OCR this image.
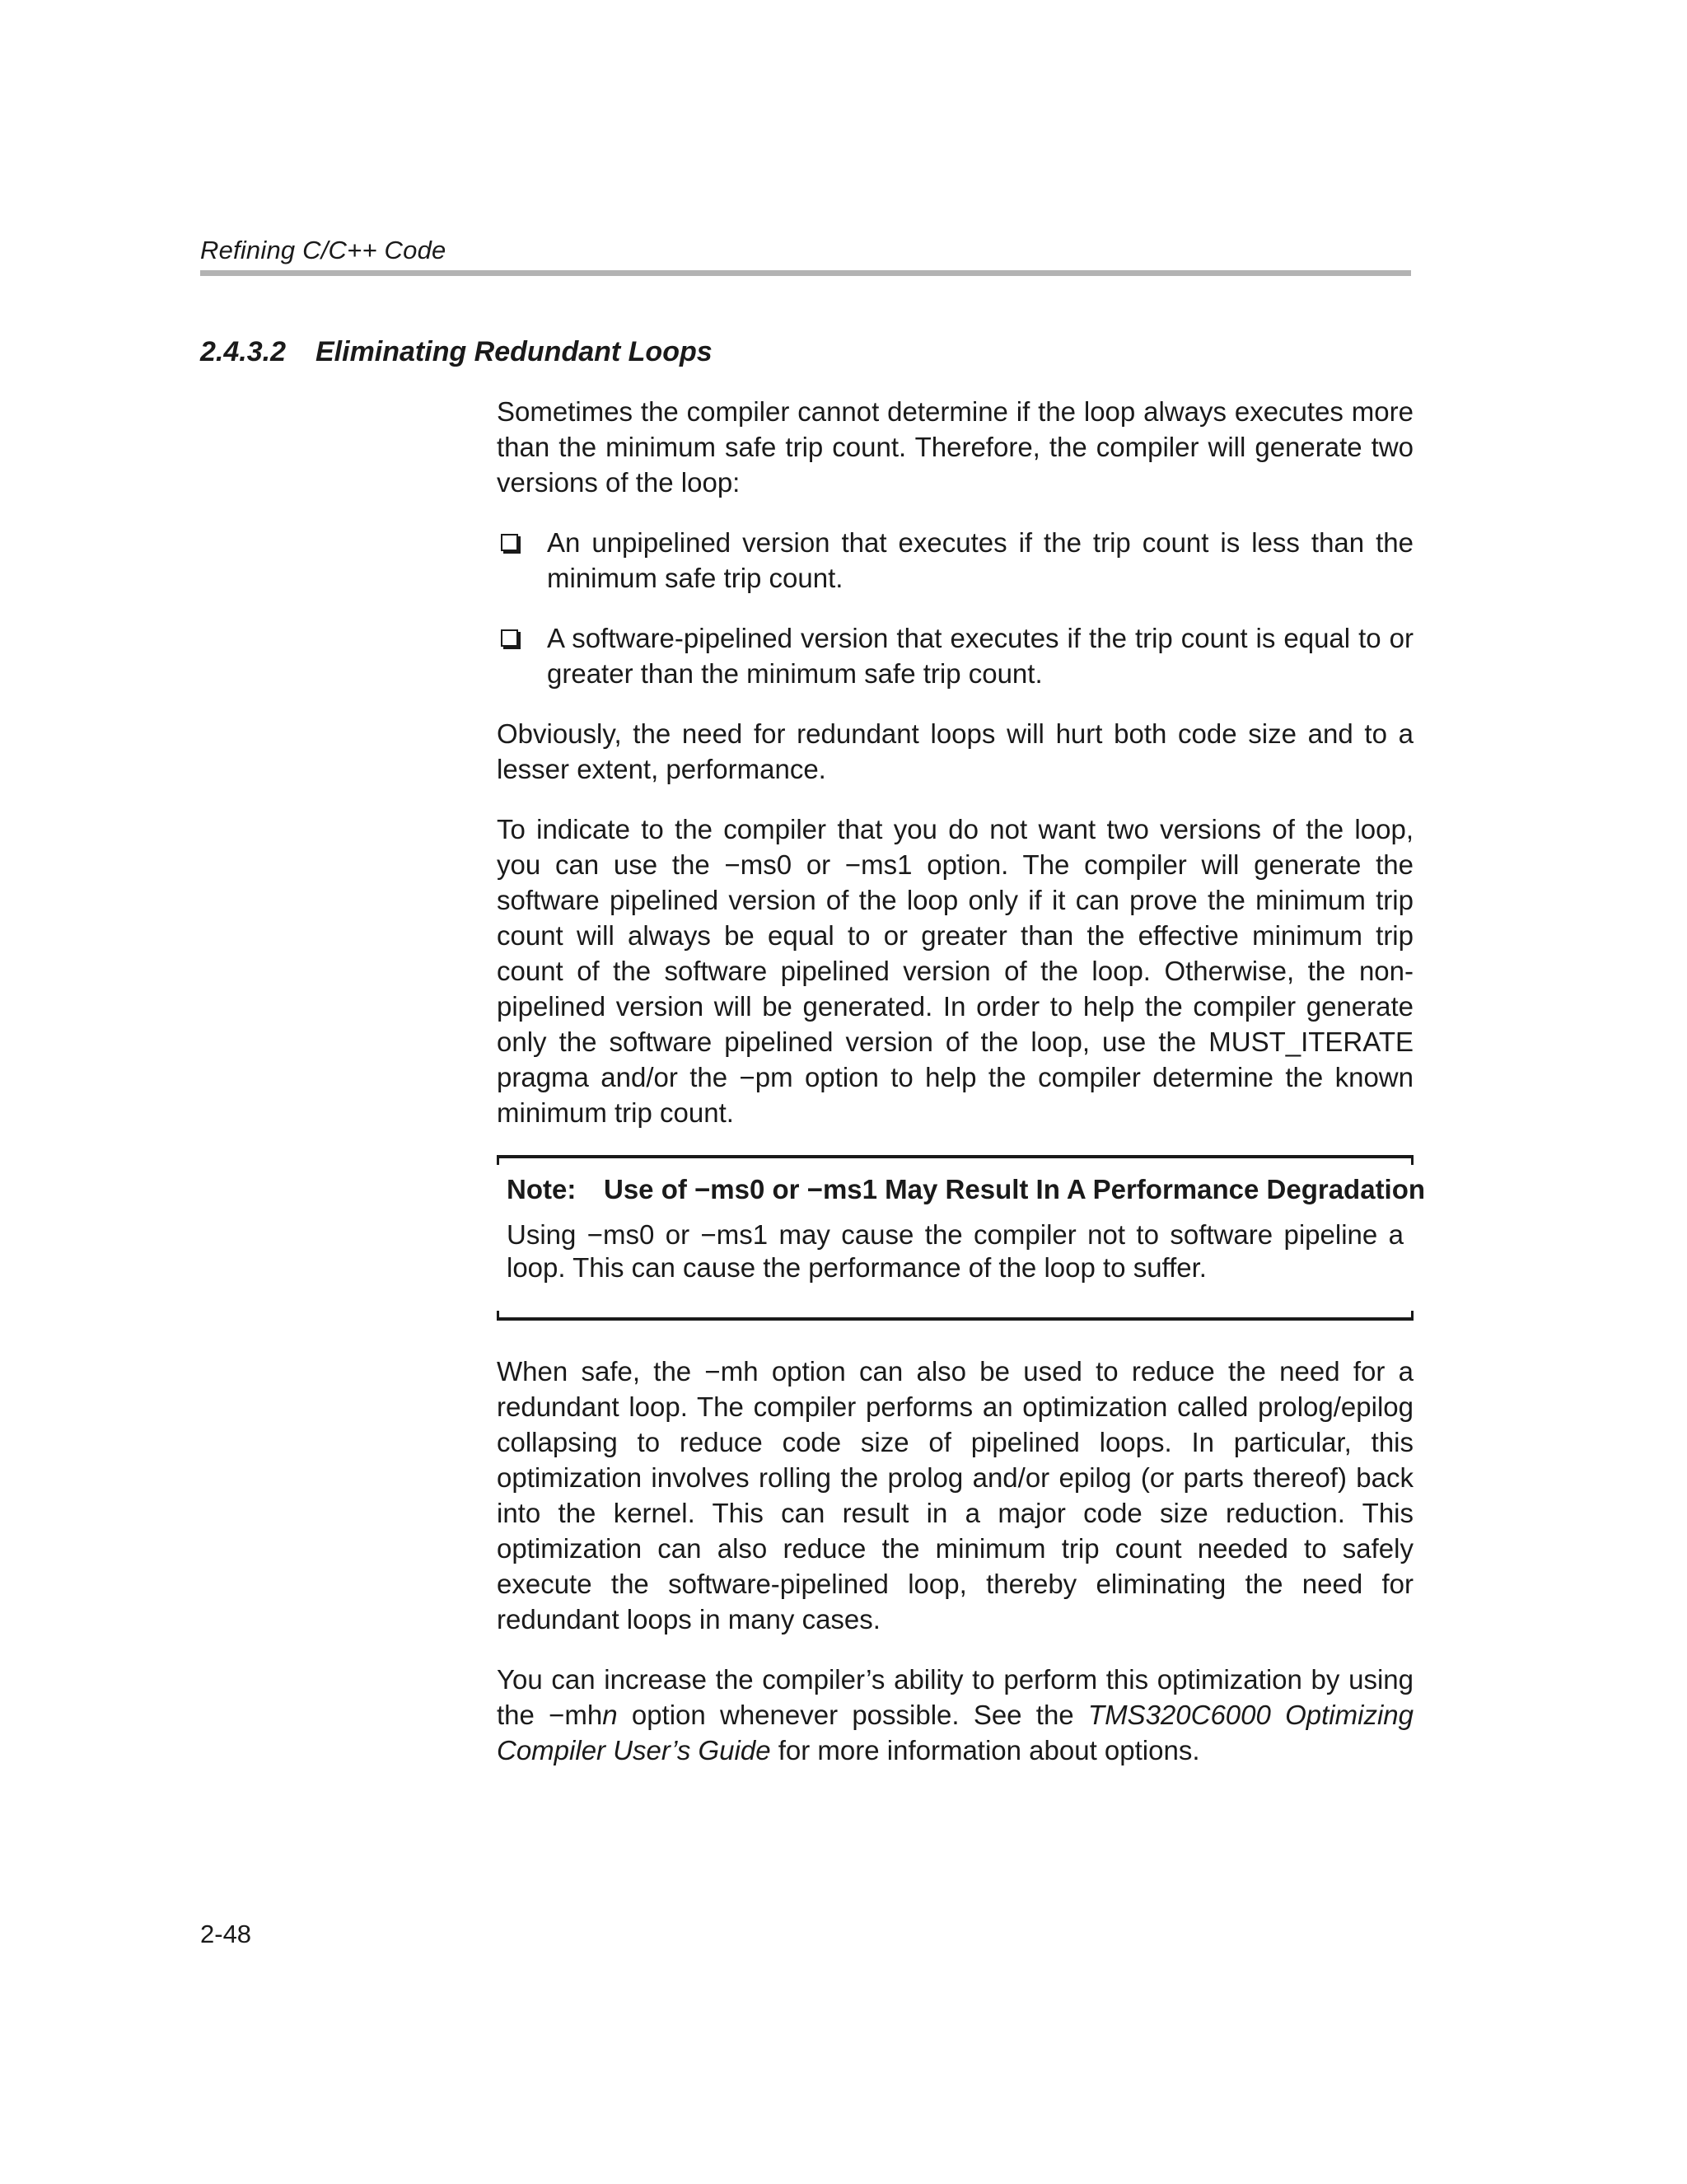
Refining C/C++ Code
2.4.3.2 Eliminating Redundant Loops

Sometimes the compiler cannot determine if the loop always executes more than the minimum safe trip count. Therefore, the compiler will generate two versions of the loop:

An unpipelined version that executes if the trip count is less than the minimum safe trip count.
A software-pipelined version that executes if the trip count is equal to or greater than the minimum safe trip count.

Obviously, the need for redundant loops will hurt both code size and to a lesser extent, performance.

To indicate to the compiler that you do not want two versions of the loop, you can use the −ms0 or −ms1 option. The compiler will generate the software pipelined version of the loop only if it can prove the minimum trip count will always be equal to or greater than the effective minimum trip count of the software pipelined version of the loop. Otherwise, the non-pipelined version will be generated. In order to help the compiler generate only the software pipelined version of the loop, use the MUST_ITERATE pragma and/or the −pm option to help the compiler determine the known minimum trip count.

Note: Use of −ms0 or −ms1 May Result In A Performance Degradation

Using −ms0 or −ms1 may cause the compiler not to software pipeline a loop. This can cause the performance of the loop to suffer.

When safe, the −mh option can also be used to reduce the need for a redundant loop. The compiler performs an optimization called prolog/epilog collapsing to reduce code size of pipelined loops. In particular, this optimization involves rolling the prolog and/or epilog (or parts thereof) back into the kernel. This can result in a major code size reduction. This optimization can also reduce the minimum trip count needed to safely execute the software-pipelined loop, thereby eliminating the need for redundant loops in many cases.

You can increase the compiler’s ability to perform this optimization by using the −mhn option whenever possible. See the TMS320C6000 Optimizing Compiler User’s Guide for more information about options.

2-48
